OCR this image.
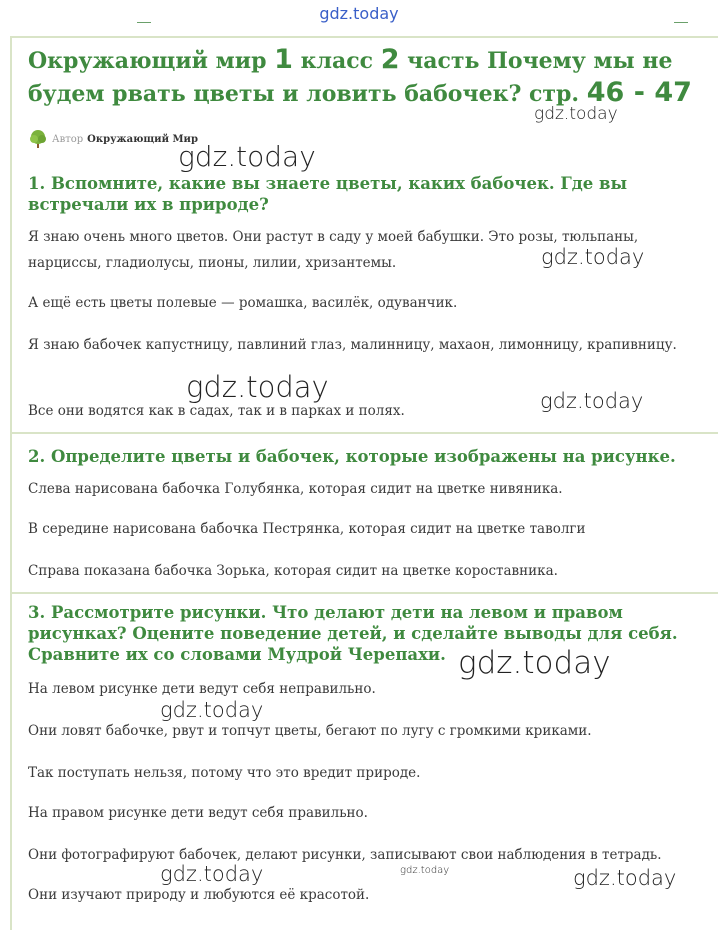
gdz.today
Окружающий мир 1 класс 2 часть Почему мы не будем рвать цветы и ловить бабочек? стр. 46 - 47
Автор Окружающий Мир

1. Вспомните, какие вы знаете цветы, каких бабочек. Где вы встречали их в природе?

Я знаю очень много цветов. Они растут в саду у моей бабушки. Это розы, тюльпаны, нарциссы, гладиолусы, пионы, лилии, хризантемы.

А ещё есть цветы полевые — ромашка, василёк, одуванчик.

Я знаю бабочек капустницу, павлиний глаз, малинницу, махаон, лимонницу, крапивницу.

Все они водятся как в садах, так и в парках и полях.

2. Определите цветы и бабочек, которые изображены на рисунке.

Слева нарисована бабочка Голубянка, которая сидит на цветке нивяника.

В середине нарисована бабочка Пестрянка, которая сидит на цветке таволги

Справа показана бабочка Зорька, которая сидит на цветке короставника.

3. Рассмотрите рисунки. Что делают дети на левом и правом рисунках? Оцените поведение детей, и сделайте выводы для себя. Сравните их со словами Мудрой Черепахи.

На левом рисунке дети ведут себя неправильно.

Они ловят бабочке, рвут и топчут цветы, бегают по лугу с громкими криками.

Так поступать нельзя, потому что это вредит природе.

На правом рисунке дети ведут себя правильно.

Они фотографируют бабочек, делают рисунки, записывают свои наблюдения в тетрадь.

Они изучают природу и любуются её красотой.

gdz.today
gdz.today
gdz.today
gdz.today	gdz.today
gdz.today
gdz.today
gdz.today	gdz.today	gdz.today
